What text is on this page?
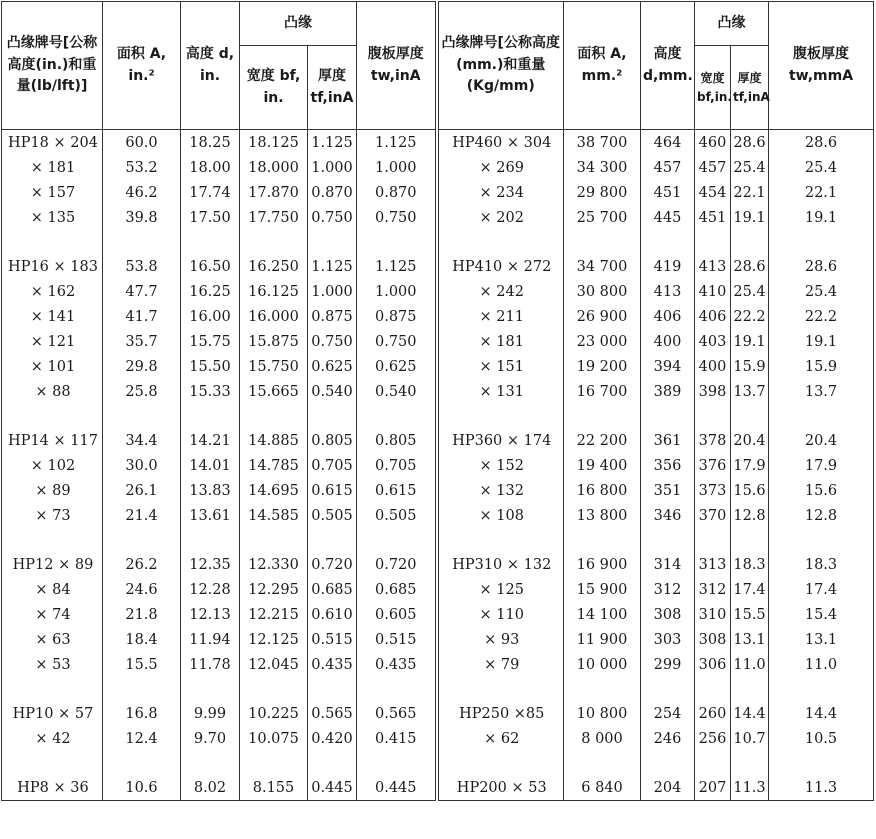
凸缘牌号[公称高度(in.)和重量(lb/lft)]	面积 A, in.²	高度 d, in.	凸缘		腹板厚度 tw,inA	凸缘牌号[公称高度(mm.)和重量(Kg/mm)	面积 A, mm.²	高度 d,mm.	凸缘		腹板厚度 tw,mmA
			宽度 bf, in.	厚度 tf,inA					宽度 bf,in.	厚度 tf,inA	
HP18 × 204	60.0	18.25	18.125	1.125	1.125	HP460 × 304	38 700	464	460	28.6	28.6
× 181	53.2	18.00	18.000	1.000	1.000	× 269	34 300	457	457	25.4	25.4
× 157	46.2	17.74	17.870	0.870	0.870	× 234	29 800	451	454	22.1	22.1
× 135	39.8	17.50	17.750	0.750	0.750	× 202	25 700	445	451	19.1	19.1

HP16 × 183	53.8	16.50	16.250	1.125	1.125	HP410 × 272	34 700	419	413	28.6	28.6
× 162	47.7	16.25	16.125	1.000	1.000	× 242	30 800	413	410	25.4	25.4
× 141	41.7	16.00	16.000	0.875	0.875	× 211	26 900	406	406	22.2	22.2
× 121	35.7	15.75	15.875	0.750	0.750	× 181	23 000	400	403	19.1	19.1
× 101	29.8	15.50	15.750	0.625	0.625	× 151	19 200	394	400	15.9	15.9
× 88	25.8	15.33	15.665	0.540	0.540	× 131	16 700	389	398	13.7	13.7

HP14 × 117	34.4	14.21	14.885	0.805	0.805	HP360 × 174	22 200	361	378	20.4	20.4
× 102	30.0	14.01	14.785	0.705	0.705	× 152	19 400	356	376	17.9	17.9
× 89	26.1	13.83	14.695	0.615	0.615	× 132	16 800	351	373	15.6	15.6
× 73	21.4	13.61	14.585	0.505	0.505	× 108	13 800	346	370	12.8	12.8

HP12 × 89	26.2	12.35	12.330	0.720	0.720	HP310 × 132	16 900	314	313	18.3	18.3
× 84	24.6	12.28	12.295	0.685	0.685	× 125	15 900	312	312	17.4	17.4
× 74	21.8	12.13	12.215	0.610	0.605	× 110	14 100	308	310	15.5	15.4
× 63	18.4	11.94	12.125	0.515	0.515	× 93	11 900	303	308	13.1	13.1
× 53	15.5	11.78	12.045	0.435	0.435	× 79	10 000	299	306	11.0	11.0

HP10 × 57	16.8	9.99	10.225	0.565	0.565	HP250 ×85	10 800	254	260	14.4	14.4
× 42	12.4	9.70	10.075	0.420	0.415	× 62	8 000	246	256	10.7	10.5

HP8 × 36	10.6	8.02	8.155	0.445	0.445	HP200 × 53	6 840	204	207	11.3	11.3
